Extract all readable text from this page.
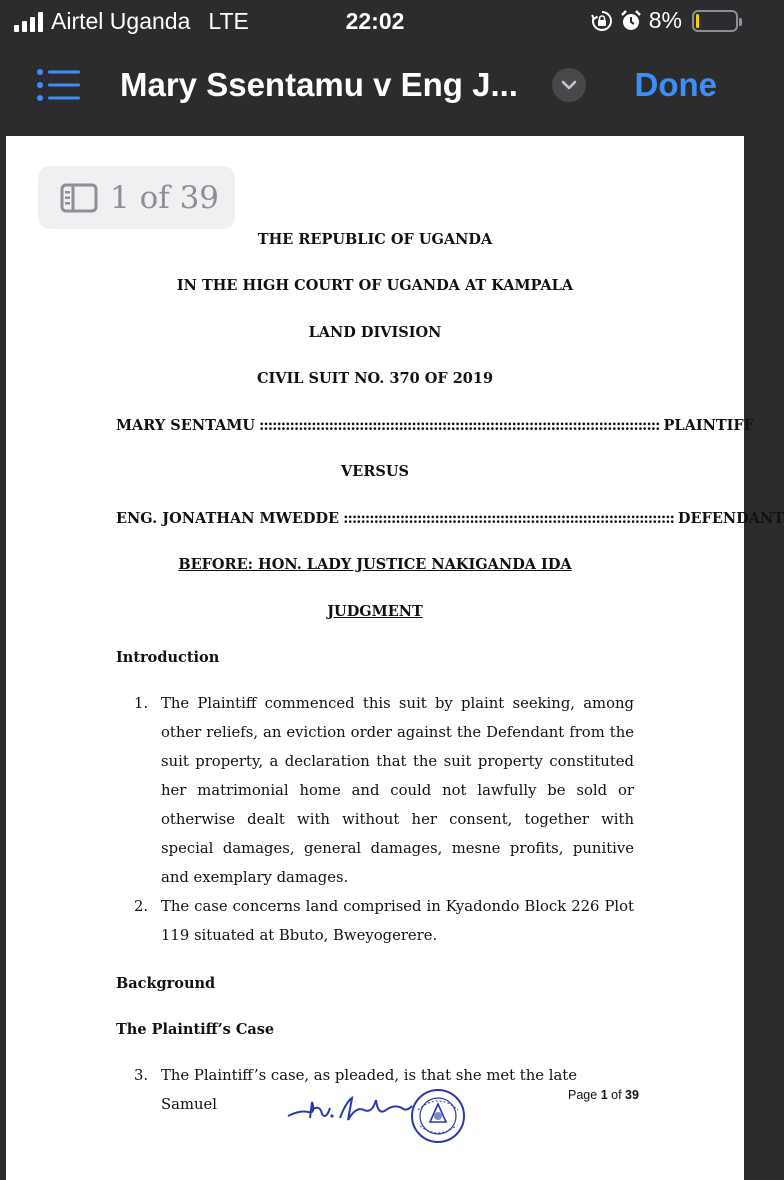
Airtel Uganda LTE	22:02	8%
Mary Ssentamu v Eng J...	Done
1 of 39
THE REPUBLIC OF UGANDA
IN THE HIGH COURT OF UGANDA AT KAMPALA
LAND DIVISION
CIVIL SUIT NO. 370 OF 2019
MARY SENTAMU :::::::::::::::::::::::::::::::::::::::::::::::::::::::::::::::::::::::::::::::::::::::::::: PLAINTIFF
VERSUS
ENG. JONATHAN MWEDDE :::::::::::::::::::::::::::::::::::::::::::::::::::::::::::::::::::::::::::: DEFENDANT
BEFORE: HON. LADY JUSTICE NAKIGANDA IDA
JUDGMENT
Introduction
1. The Plaintiff commenced this suit by plaint seeking, among other reliefs, an eviction order against the Defendant from the suit property, a declaration that the suit property constituted her matrimonial home and could not lawfully be sold or otherwise dealt with without her consent, together with special damages, general damages, mesne profits, punitive and exemplary damages.
2. The case concerns land comprised in Kyadondo Block 226 Plot 119 situated at Bbuto, Bweyogerere.
Background
The Plaintiff’s Case
3. The Plaintiff’s case, as pleaded, is that she met the late Samuel
Page 1 of 39
